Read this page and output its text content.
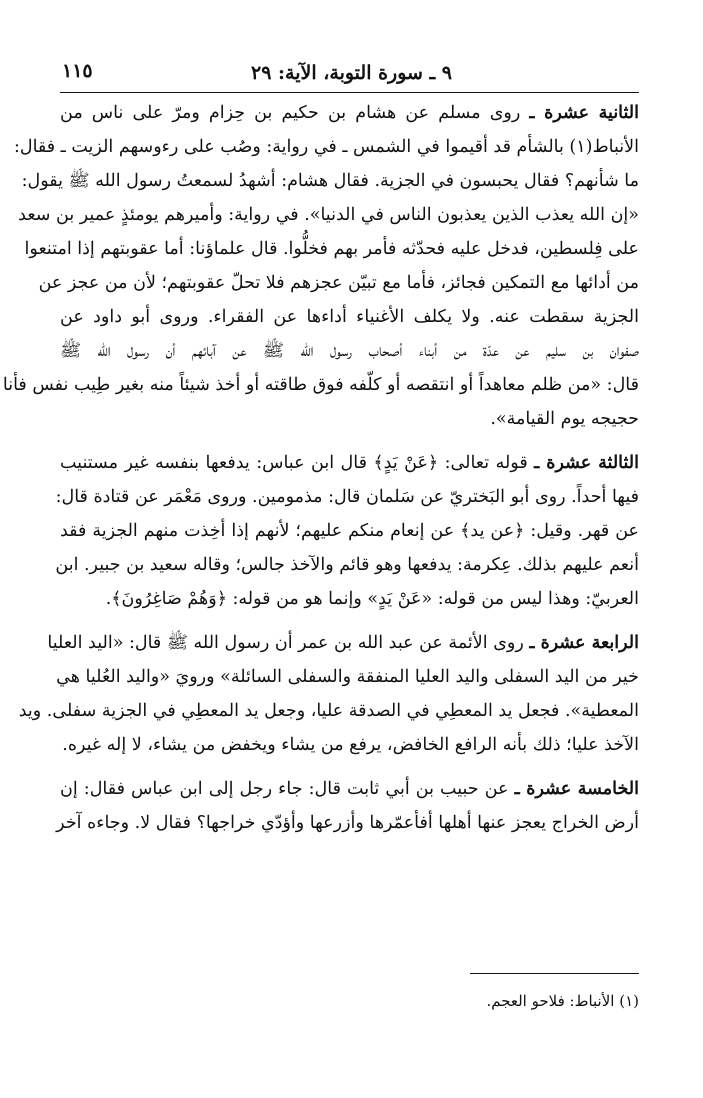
٩ ـ سورة التوبة، الآية: ٢٩
١١٥

الثانية عشرة ـ روى مسلم عن هشام بن حكيم بن حِزام ومرّ على ناس من
الأنباط(١) بالشأم قد أقيموا في الشمس ـ في رواية: وصُب على رءوسهم الزيت ـ فقال:
ما شأنهم؟ فقال يحبسون في الجزية. فقال هشام: أشهدُ لسمعتُ رسول الله ﷺ يقول:
«إن الله يعذب الذين يعذبون الناس في الدنيا». في رواية: وأميرهم يومئذٍ عمير بن سعد
على فِلسطين، فدخل عليه فحدّثه فأمر بهم فخلُّوا. قال علماؤنا: أما عقوبتهم إذا امتنعوا
من أدائها مع التمكين فجائز، فأما مع تبيّن عجزهم فلا تحلّ عقوبتهم؛ لأن من عجز عن
الجزية سقطت عنه. ولا يكلف الأغنياء أداءها عن الفقراء. وروى أبو داود عن
صفوان بن سليم عن عدّة من أبناء أصحاب رسول الله ﷺ عن آبائهم أن رسول الله ﷺ
قال: «من ظلم معاهداً أو انتقصه أو كلّفه فوق طاقته أو أخذ شيئاً منه بغير طِيب نفس فأنا
حجيجه يوم القيامة».

الثالثة عشرة ـ قوله تعالى: ﴿عَنْ يَدٍ﴾ قال ابن عباس: يدفعها بنفسه غير مستنيب
فيها أحداً. روى أبو البَختريّ عن سَلمان قال: مذمومين. وروى مَعْمَر عن قتادة قال:
عن قهر. وقيل: ﴿عن يد﴾ عن إنعام منكم عليهم؛ لأنهم إذا أخِذت منهم الجزية فقد
أنعم عليهم بذلك. عِكرمة: يدفعها وهو قائم والآخذ جالس؛ وقاله سعيد بن جبير. ابن
العربيّ: وهذا ليس من قوله: «عَنْ يَدٍ» وإنما هو من قوله: ﴿وَهُمْ صَاغِرُونَ﴾.

الرابعة عشرة ـ روى الأئمة عن عبد الله بن عمر أن رسول الله ﷺ قال: «اليد العليا
خير من اليد السفلى واليد العليا المنفقة والسفلى السائلة» ورويَ «واليد العُليا هي
المعطية». فجعل يد المعطِي في الصدقة عليا، وجعل يد المعطِي في الجزية سفلى. ويد
الآخذ عليا؛ ذلك بأنه الرافع الخافض، يرفع من يشاء ويخفض من يشاء، لا إله غيره.

الخامسة عشرة ـ عن حبيب بن أبي ثابت قال: جاء رجل إلى ابن عباس فقال: إن
أرض الخراج يعجز عنها أهلها أفأعمّرها وأزرعها وأؤدّي خراجها؟ فقال لا. وجاءه آخر

(١) الأنباط: فلاحو العجم.
